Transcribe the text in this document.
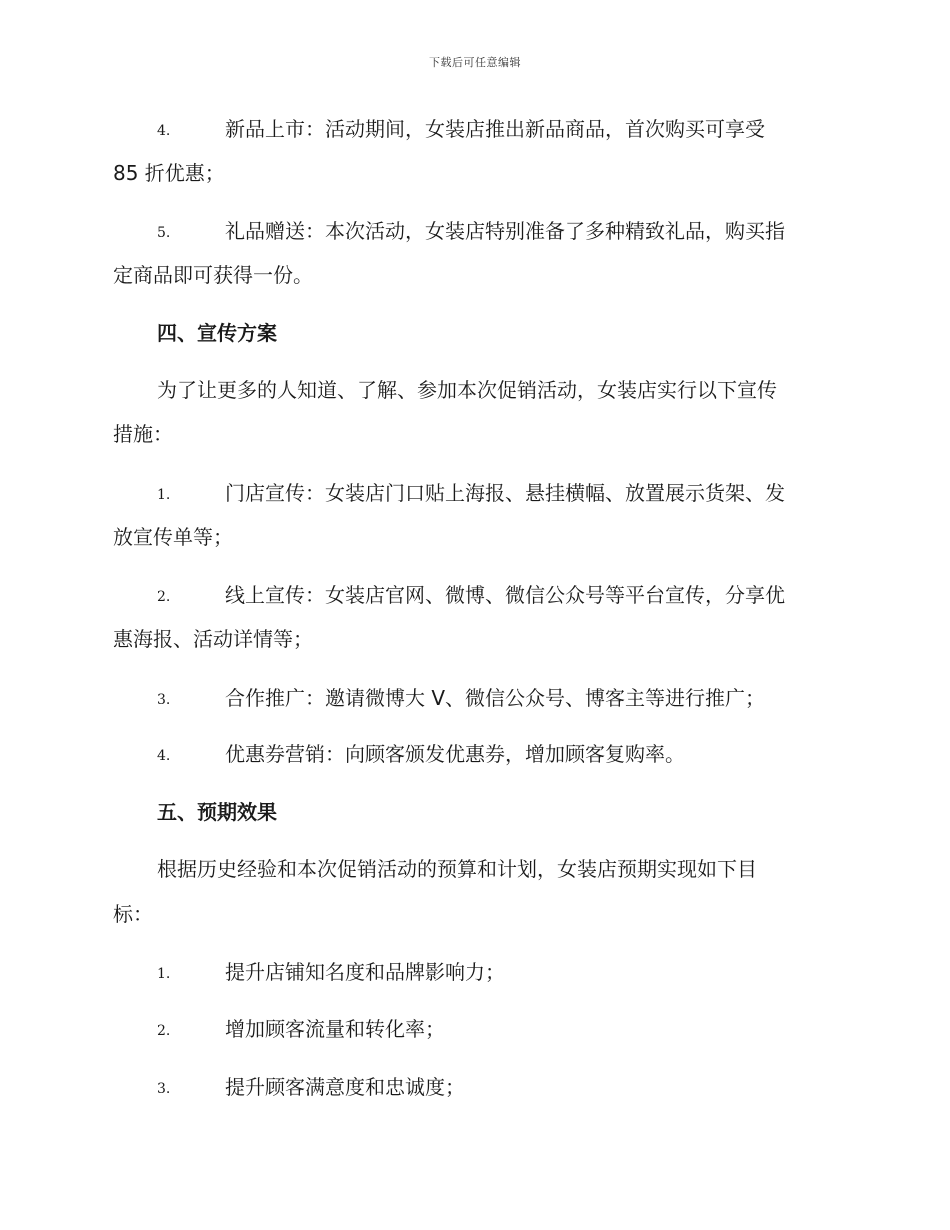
下载后可任意编辑
4.	新品上市：活动期间，女装店推出新品商品，首次购买可享受
85 折优惠；
5.	礼品赠送：本次活动，女装店特别准备了多种精致礼品，购买指
定商品即可获得一份。
四、宣传方案
为了让更多的人知道、了解、参加本次促销活动，女装店实行以下宣传
措施：
1.	门店宣传：女装店门口贴上海报、悬挂横幅、放置展示货架、发
放宣传单等；
2.	线上宣传：女装店官网、微博、微信公众号等平台宣传，分享优
惠海报、活动详情等；
3.	合作推广：邀请微博大 V、微信公众号、博客主等进行推广；
4.	优惠券营销：向顾客颁发优惠券，增加顾客复购率。
五、预期效果
根据历史经验和本次促销活动的预算和计划，女装店预期实现如下目
标：
1.	提升店铺知名度和品牌影响力；
2.	增加顾客流量和转化率；
3.	提升顾客满意度和忠诚度；
